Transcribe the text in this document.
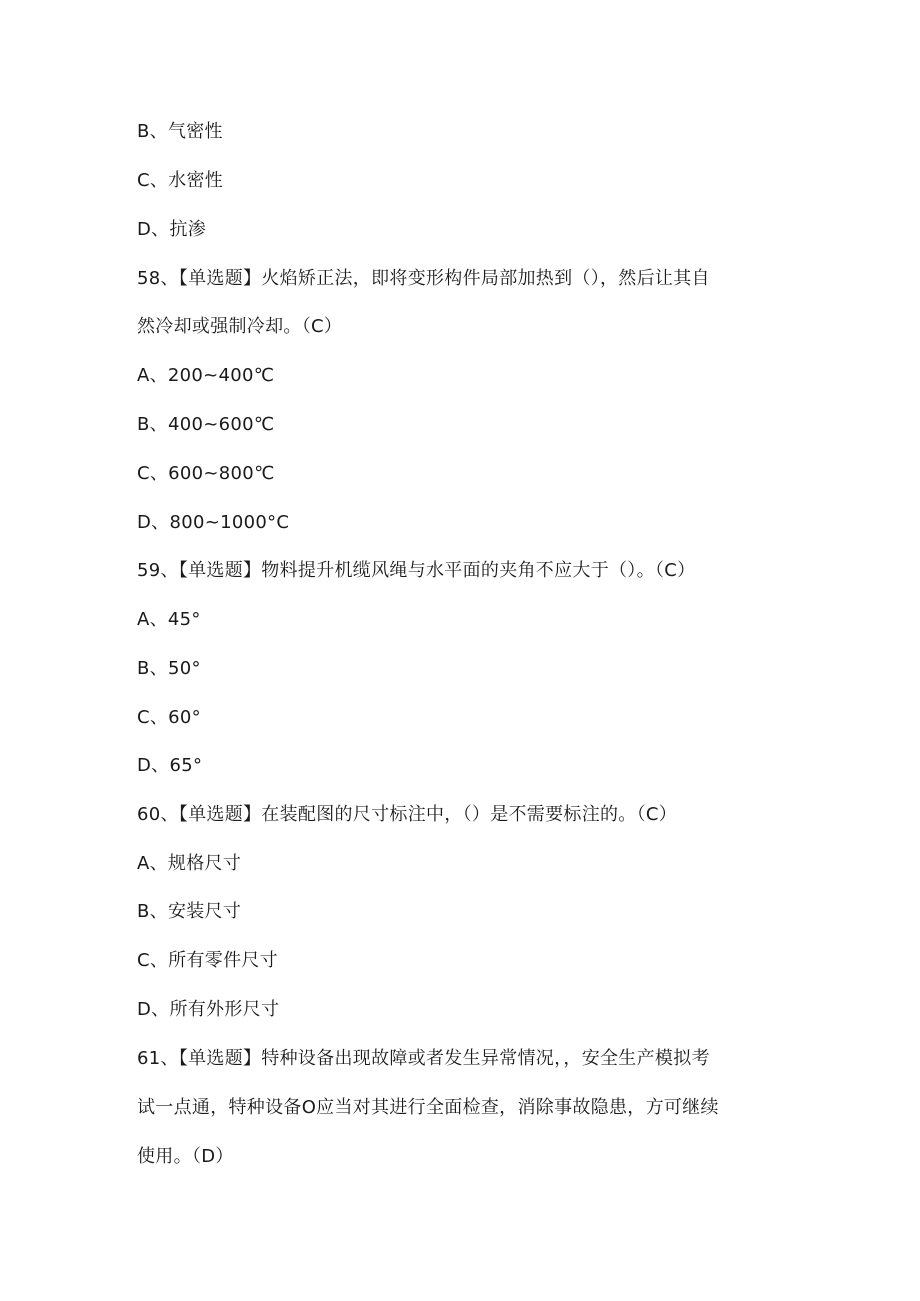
B、气密性
C、水密性
D、抗渗
58、【单选题】火焰矫正法，即将变形构件局部加热到（），然后让其自
然冷却或强制冷却。（C）
A、200~400℃
B、400~600℃
C、600~800℃
D、800~1000°C
59、【单选题】物料提升机缆风绳与水平面的夹角不应大于（）。（C）
A、45°
B、50°
C、60°
D、65°
60、【单选题】在装配图的尺寸标注中，（）是不需要标注的。（C）
A、规格尺寸
B、安装尺寸
C、所有零件尺寸
D、所有外形尺寸
61、【单选题】特种设备出现故障或者发生异常情况，，安全生产模拟考
试一点通，特种设备O应当对其进行全面检查，消除事故隐患，方可继续
使用。（D）
